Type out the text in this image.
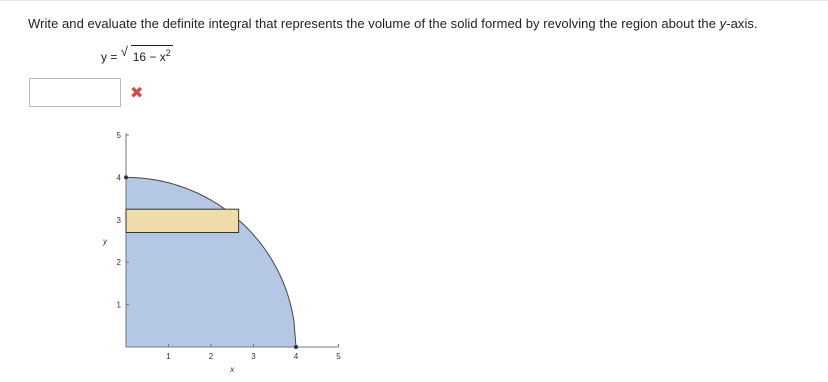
Write and evaluate the definite integral that represents the volume of the solid formed by revolving the region about the y-axis.
y = √ $16 - x^2$
✖
1	2	3	4	5
1
2
3
4
5
y
x
